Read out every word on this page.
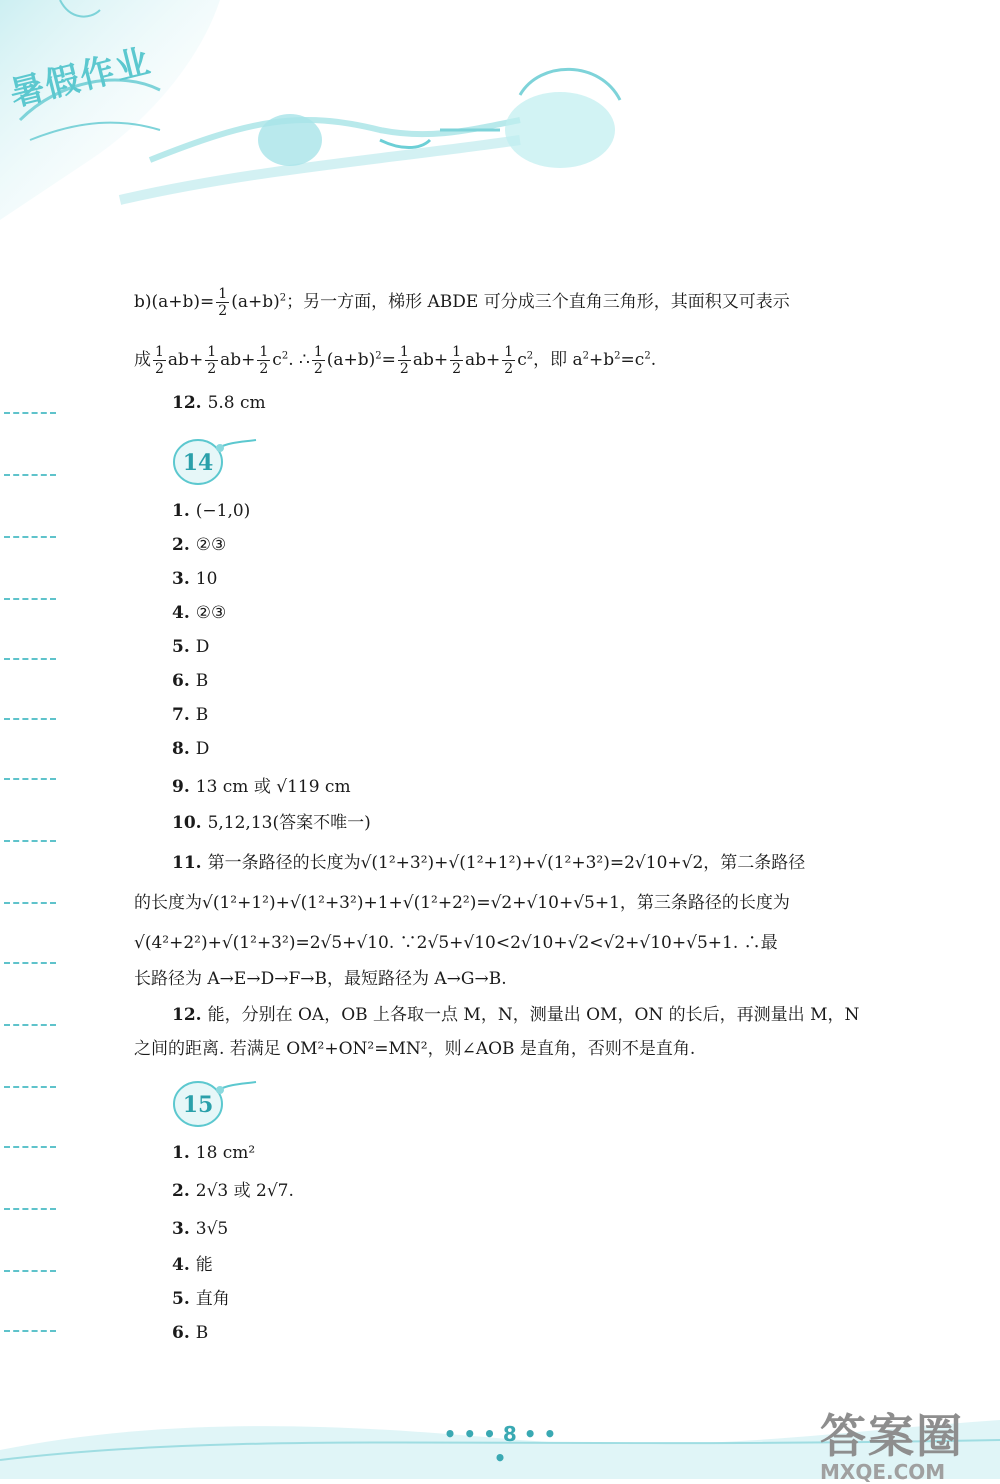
暑假作业
$b)(a+b)= \frac{1}{2} (a+b)^2$；另一方面，梯形 ABDE 可分成三个直角三角形，其面积又可表示
成 $\frac{1}{2} ab+ \frac{1}{2} ab+ \frac{1}{2} c^2$. ∴ $\frac{1}{2} (a+b)^2= \frac{1}{2} ab+ \frac{1}{2} ab+ \frac{1}{2} c^2$，即 $a^2+b^2=c^2$.
12. 5.8 cm
14
1. (−1,0)
2. ②③
3. 10
4. ②③
5. D
6. B
7. B
8. D
9. 13 cm 或 √119 cm
10. 5,12,13(答案不唯一)
11. 第一条路径的长度为√(1²+3²)+√(1²+1²)+√(1²+3²)=2√10+√2，第二条路径
的长度为√(1²+1²)+√(1²+3²)+1+√(1²+2²)=√2+√10+√5+1，第三条路径的长度为
√(4²+2²)+√(1²+3²)=2√5+√10. ∵2√5+√10<2√10+√2<√2+√10+√5+1. ∴最
长路径为 A→E→D→F→B，最短路径为 A→G→B.
12. 能，分别在 OA，OB 上各取一点 M，N，测量出 OM，ON 的长后，再测量出 M，N
之间的距离. 若满足 OM²+ON²=MN²，则∠AOB 是直角，否则不是直角.
15
1. 18 cm²
2. 2√3 或 2√7.
3. 3√5
4. 能
5. 直角
6. B
• • • 8 • • •	答案圈
MXQE.COM
